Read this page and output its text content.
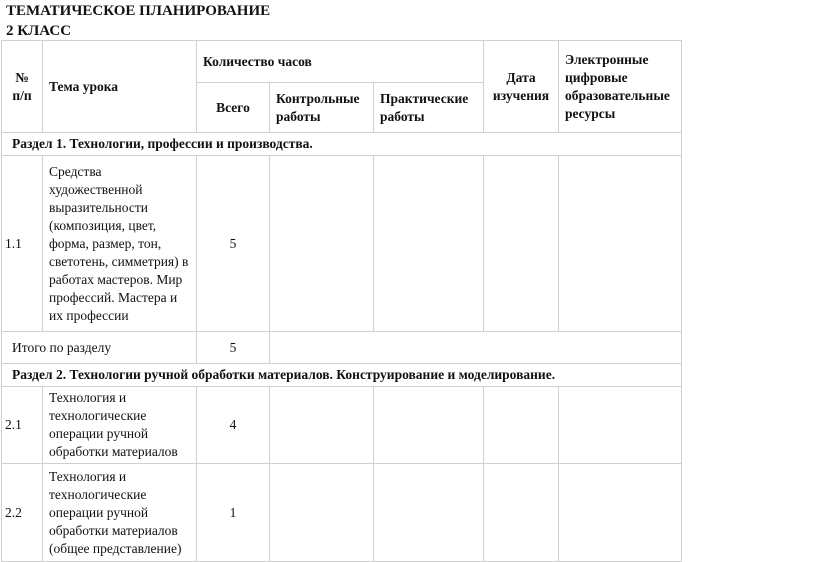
ТЕМАТИЧЕСКОЕ ПЛАНИРОВАНИЕ
2 КЛАСС
№ п/п	Тема урока	Количество часов			Дата изучения	Электронные цифровые образовательные ресурсы
		Всего	Контрольные работы	Практические работы		
Раздел 1. Технологии, профессии и производства.						
1.1	Средства художественной выразительности (композиция, цвет, форма, размер, тон, светотень, симметрия) в работах мастеров. Мир профессий. Мастера и их профессии	5				
Итого по разделу		5				
Раздел 2. Технологии ручной обработки материалов. Конструирование и моделирование.						
2.1	Технология и технологические операции ручной обработки материалов	4				
2.2	Технология и технологические операции ручной обработки материалов (общее представление)	1				
